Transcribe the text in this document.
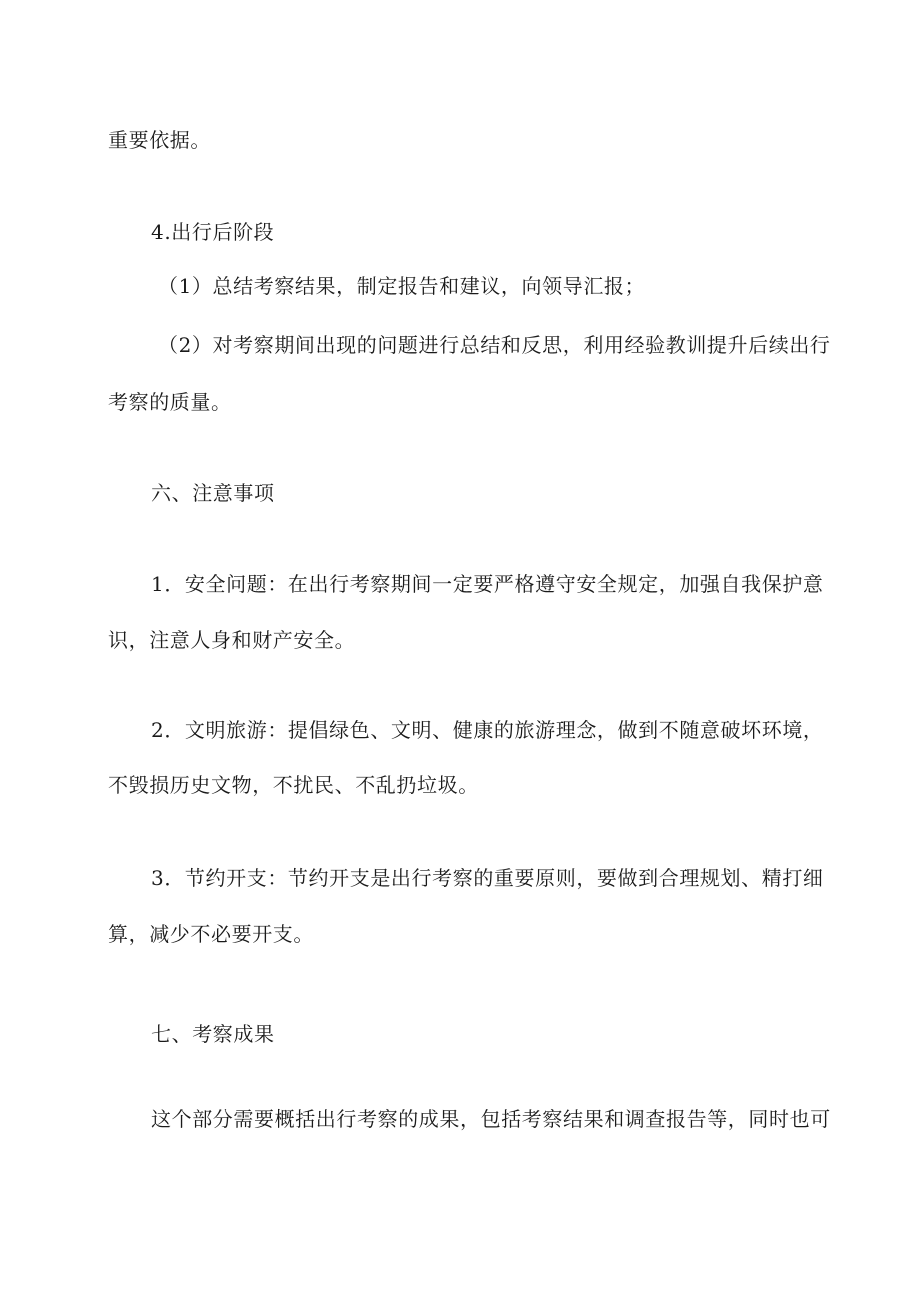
重要依据。
4.出行后阶段
（1）总结考察结果，制定报告和建议，向领导汇报；
（2）对考察期间出现的问题进行总结和反思，利用经验教训提升后续出行
考察的质量。
六、注意事项
1．安全问题：在出行考察期间一定要严格遵守安全规定，加强自我保护意
识，注意人身和财产安全。
2．文明旅游：提倡绿色、文明、健康的旅游理念，做到不随意破坏环境，
不毁损历史文物，不扰民、不乱扔垃圾。
3．节约开支：节约开支是出行考察的重要原则，要做到合理规划、精打细
算，减少不必要开支。
七、考察成果
这个部分需要概括出行考察的成果，包括考察结果和调查报告等，同时也可
